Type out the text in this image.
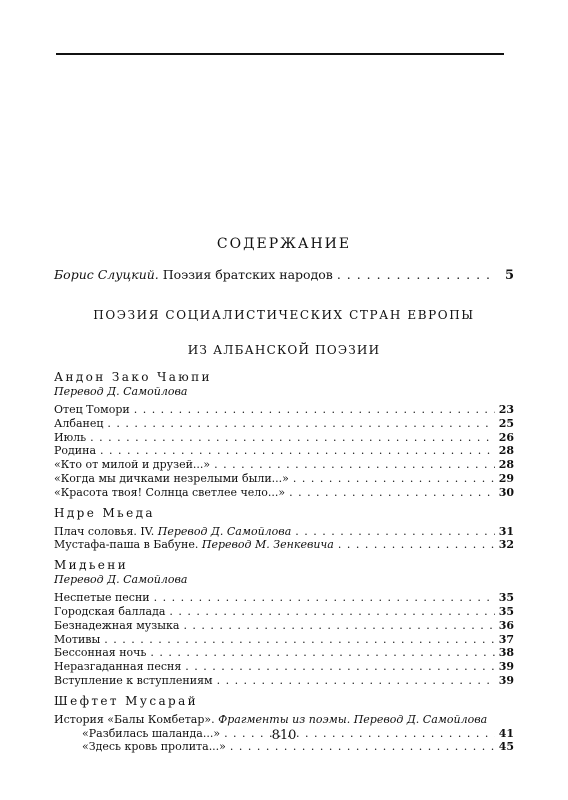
СОДЕРЖАНИЕ
Борис Слуцкий. Поэзия братских народов . . .	5
ПОЭЗИЯ СОЦИАЛИСТИЧЕСКИХ СТРАН ЕВРОПЫ
ИЗ АЛБАНСКОЙ ПОЭЗИИ
Андон Зако Чаюпи
Перевод Д. Самойлова
Отец Томори . . .	23
Албанец . . .	25
Июль . . .	26
Родина . . .	28
«Кто от милой и друзей...» . . .	28
«Когда мы дичками незрелыми были...» . . .	29
«Красота твоя! Солнца светлее чело...» . . .	30
Ндре Мьеда
Плач соловья. IV. Перевод Д. Самойлова . . .	31
Мустафа-паша в Бабуне. Перевод М. Зенкевича . . .	32
Мидьени
Перевод Д. Самойлова
Неспетые песни . . .	35
Городская баллада . . .	35
Безнадежная музыка . . .	36
Мотивы . . .	37
Бессонная ночь . . .	38
Неразгаданная песня . . .	39
Вступление к вступлениям . . .	39
Шефтет Мусарай
История «Балы Комбетар». Фрагменты из поэмы. Перевод Д. Самойлова
«Разбилась шаланда...» . . .	41
«Здесь кровь пролита...» . . .	45
810
